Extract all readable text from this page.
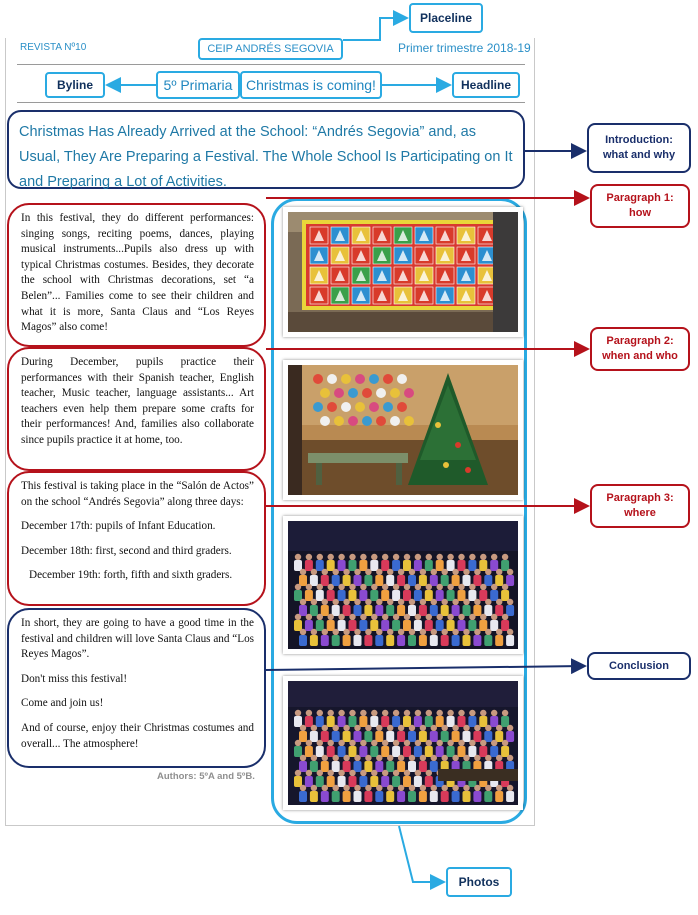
REVISTA Nº10	CEIP ANDRÉS SEGOVIA	Primer trimestre 2018-19
Byline	5º Primaria Christmas is coming!	Headline
Placeline
Christmas Has Already Arrived at the School: “Andrés Segovia” and, as Usual, They Are Preparing a Festival. The Whole School Is Participating on It and Preparing a Lot of Activities.
Introduction:
what and why

In this festival, they do different performances: singing songs, reciting poems, dances, playing musical instruments...Pupils also dress up with typical Christmas costumes. Besides, they decorate the school with Christmas decorations, set “a Belen”... Families come to see their children and what it is more, Santa Claus and “Los Reyes Magos” also come!

During December, pupils practice their performances with their Spanish teacher, English teacher, Music teacher, language assistants... Art teachers even help them prepare some crafts for their performances! And, families also collaborate since pupils practice it at home, too.

This festival is taking place in the “Salón de Actos” on the school “Andrés Segovia” along three days:

December 17th: pupils of Infant Education.

December 18th: first, second and third graders.

December 19th: forth, fifth and sixth graders.

In short, they are going to have a good time in the festival and children will love Santa Claus and “Los Reyes Magos”.

Don't miss this festival!

Come and join us!

And of course, enjoy their Christmas costumes and overall... The atmosphere!

Authors: 5ºA and 5ºB.
Paragraph 1:
how
Paragraph 2:
when and who
Paragraph 3:
where
Conclusion
Photos
